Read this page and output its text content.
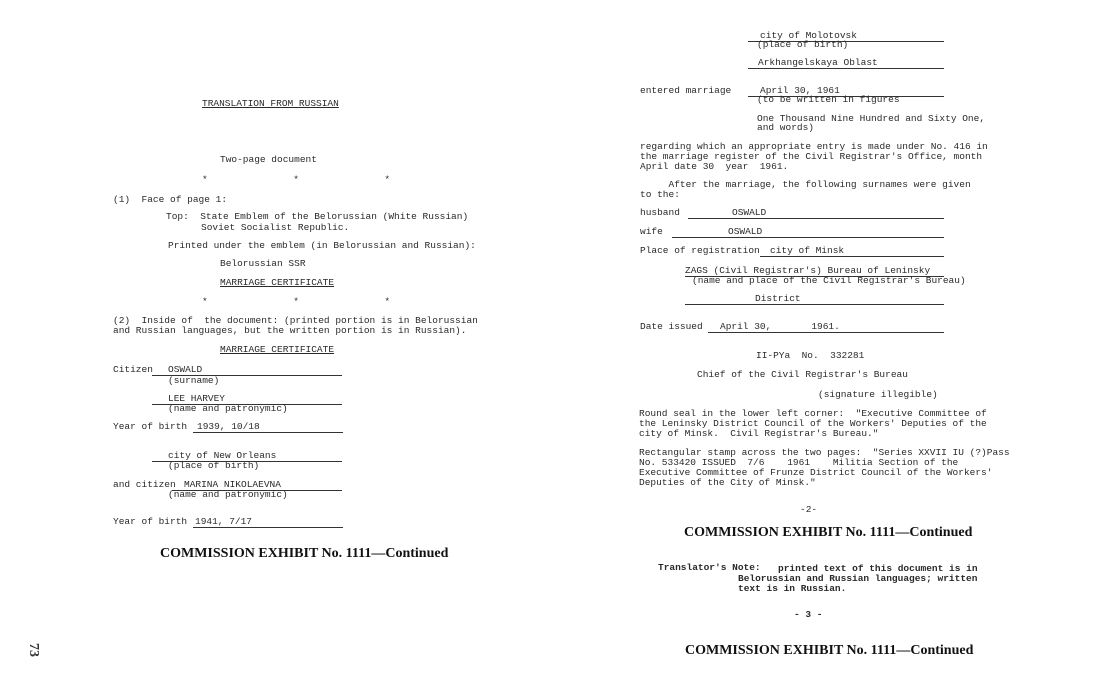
TRANSLATION FROM RUSSIAN
Two-page document
*               *               *
(1)  Face of page 1:
Top:  State Emblem of the Belorussian (White Russian)
Soviet Socialist Republic.
Printed under the emblem (in Belorussian and Russian):
Belorussian SSR
MARRIAGE CERTIFICATE
*               *               *
(2)  Inside of  the document: (printed portion is in Belorussian
and Russian languages, but the written portion is in Russian).
MARRIAGE CERTIFICATE
Citizen	OSWALD
(surname)
LEE HARVEY
(name and patronymic)
Year of birth	1939, 10/18
city of New Orleans
(place of birth)
and citizen MARINA NIKOLAEVNA
(name and patronymic)
Year of birth 1941, 7/17
COMMISSION EXHIBIT No. 1111—Continued
73
city of Molotovsk
(place of birth)
Arkhangelskaya Oblast
entered marriage	April 30, 1961
(to be written in figures
One Thousand Nine Hundred and Sixty One,
and words)
regarding which an appropriate entry is made under No. 416 in
the marriage register of the Civil Registrar's Office, month
April date 30  year  1961.
After the marriage, the following surnames were given
to the:
husband	OSWALD
wife	OSWALD
Place of registration	city of Minsk
ZAGS (Civil Registrar's) Bureau of Leninsky
(name and place of the Civil Registrar's Bureau)
District
Date issued	April 30,	1961.
II-PYa  No.  332281
Chief of the Civil Registrar's Bureau
(signature illegible)
Round seal in the lower left corner:  "Executive Committee of
the Leninsky District Council of the Workers' Deputies of the
city of Minsk.  Civil Registrar's Bureau."
Rectangular stamp across the two pages:  "Series XXVII IU (?)Pass
No. 533420 ISSUED  7/6    1961    Militia Section of the
Executive Committee of Frunze District Council of the Workers'
Deputies of the City of Minsk."
-2-
COMMISSION EXHIBIT No. 1111—Continued
Translator's Note: printed text of this document is in
Belorussian and Russian languages; written
text is in Russian.
- 3 -
COMMISSION EXHIBIT No. 1111—Continued
